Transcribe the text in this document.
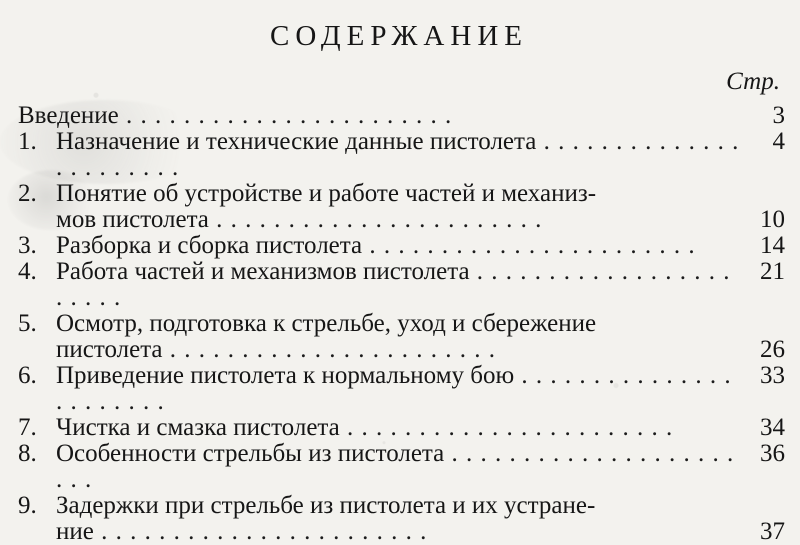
СОДЕРЖАНИЕ
Стр.
Введение . .	3
1. Назначение и технические данные пистолета . .	4
2. Понятие об устройстве и работе частей и механиз-
мов пистолета . .	10
3. Разборка и сборка пистолета . .	14
4. Работа частей и механизмов пистолета . .	21
5. Осмотр, подготовка к стрельбе, уход и сбережение
пистолета . .	26
6. Приведение пистолета к нормальному бою . .	33
7. Чистка и смазка пистолета . .	34
8. Особенности стрельбы из пистолета . .	36
9. Задержки при стрельбе из пистолета и их устране-
ние . .	37
